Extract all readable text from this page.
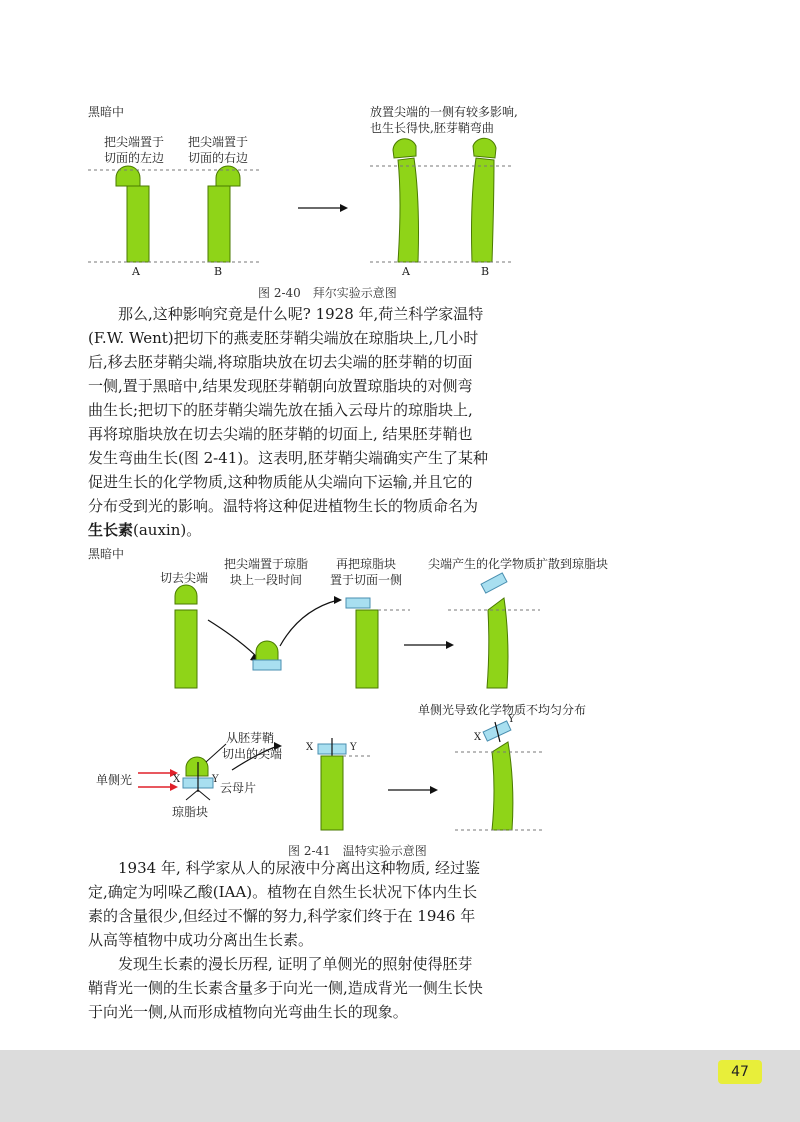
黑暗中
把尖端置于
切面的左边
把尖端置于
切面的右边
放置尖端的一侧有较多影响,
也生长得快,胚芽鞘弯曲
A	B	A	B
图 2-40　拜尔实验示意图
那么,这种影响究竟是什么呢? 1928 年,荷兰科学家温特
(F.W. Went)把切下的燕麦胚芽鞘尖端放在琼脂块上,几小时
后,移去胚芽鞘尖端,将琼脂块放在切去尖端的胚芽鞘的切面
一侧,置于黑暗中,结果发现胚芽鞘朝向放置琼脂块的对侧弯
曲生长;把切下的胚芽鞘尖端先放在插入云母片的琼脂块上,
再将琼脂块放在切去尖端的胚芽鞘的切面上, 结果胚芽鞘也
发生弯曲生长(图 2-41)。这表明,胚芽鞘尖端确实产生了某种
促进生长的化学物质,这种物质能从尖端向下运输,并且它的
分布受到光的影响。温特将这种促进植物生长的物质命名为
生长素(auxin)。
黑暗中
切去尖端
把尖端置于琼脂
块上一段时间
再把琼脂块
置于切面一侧
尖端产生的化学物质扩散到琼脂块
单侧光导致化学物质不均匀分布
从胚芽鞘
切出的尖端
单侧光
云母片
琼脂块
X	Y
X	Y
X
Y
图 2-41　温特实验示意图
1934 年, 科学家从人的尿液中分离出这种物质, 经过鉴
定,确定为吲哚乙酸(IAA)。植物在自然生长状况下体内生长
素的含量很少,但经过不懈的努力,科学家们终于在 1946 年
从高等植物中成功分离出生长素。
发现生长素的漫长历程, 证明了单侧光的照射使得胚芽
鞘背光一侧的生长素含量多于向光一侧,造成背光一侧生长快
于向光一侧,从而形成植物向光弯曲生长的现象。
47
